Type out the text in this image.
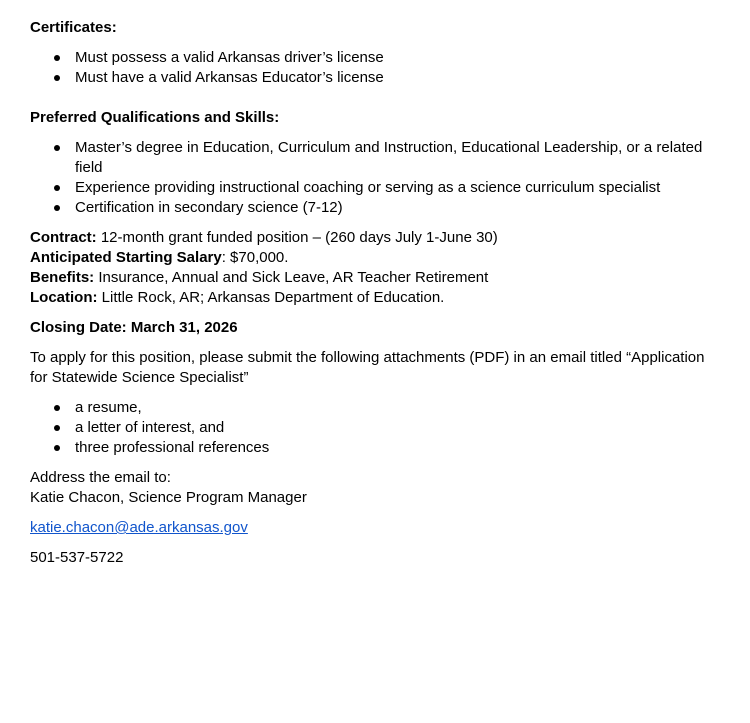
Certificates:

Must possess a valid Arkansas driver’s license
Must have a valid Arkansas Educator’s license

Preferred Qualifications and Skills:

Master’s degree in Education, Curriculum and Instruction, Educational Leadership, or a related field
Experience providing instructional coaching or serving as a science curriculum specialist
Certification in secondary science (7-12)

Contract: 12-month grant funded position – (260 days July 1-June 30)

Anticipated Starting Salary: $70,000.

Benefits: Insurance, Annual and Sick Leave, AR Teacher Retirement

Location: Little Rock, AR; Arkansas Department of Education.

Closing Date: March 31, 2026

To apply for this position, please submit the following attachments (PDF) in an email titled “Application for Statewide Science Specialist”

a resume,
a letter of interest, and
three professional references

Address the email to:

Katie Chacon, Science Program Manager

katie.chacon@ade.arkansas.gov

501-537-5722
